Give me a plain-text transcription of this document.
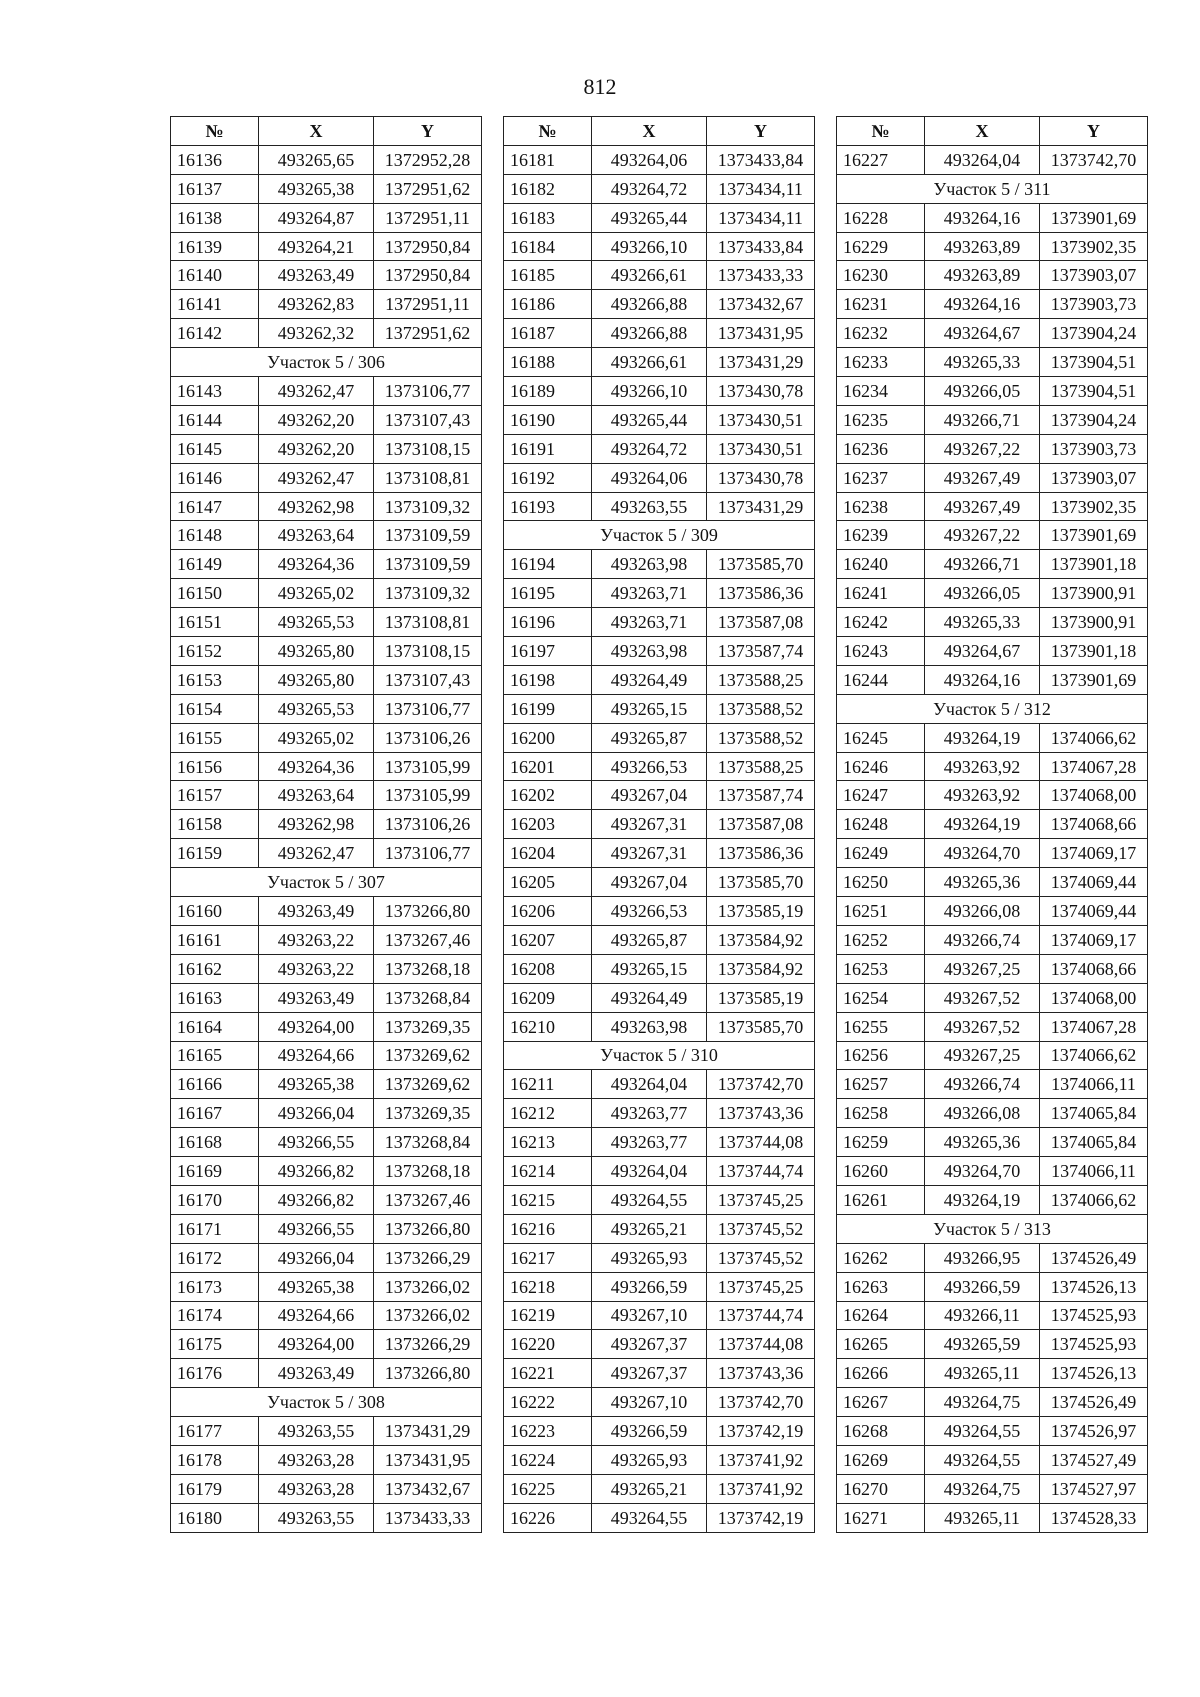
812
№	X	Y
16136	493265,65	1372952,28
16137	493265,38	1372951,62
16138	493264,87	1372951,11
16139	493264,21	1372950,84
16140	493263,49	1372950,84
16141	493262,83	1372951,11
16142	493262,32	1372951,62
Участок 5 / 306		
16143	493262,47	1373106,77
16144	493262,20	1373107,43
16145	493262,20	1373108,15
16146	493262,47	1373108,81
16147	493262,98	1373109,32
16148	493263,64	1373109,59
16149	493264,36	1373109,59
16150	493265,02	1373109,32
16151	493265,53	1373108,81
16152	493265,80	1373108,15
16153	493265,80	1373107,43
16154	493265,53	1373106,77
16155	493265,02	1373106,26
16156	493264,36	1373105,99
16157	493263,64	1373105,99
16158	493262,98	1373106,26
16159	493262,47	1373106,77
Участок 5 / 307		
16160	493263,49	1373266,80
16161	493263,22	1373267,46
16162	493263,22	1373268,18
16163	493263,49	1373268,84
16164	493264,00	1373269,35
16165	493264,66	1373269,62
16166	493265,38	1373269,62
16167	493266,04	1373269,35
16168	493266,55	1373268,84
16169	493266,82	1373268,18
16170	493266,82	1373267,46
16171	493266,55	1373266,80
16172	493266,04	1373266,29
16173	493265,38	1373266,02
16174	493264,66	1373266,02
16175	493264,00	1373266,29
16176	493263,49	1373266,80
Участок 5 / 308		
16177	493263,55	1373431,29
16178	493263,28	1373431,95
16179	493263,28	1373432,67
16180	493263,55	1373433,33
№	X	Y
16181	493264,06	1373433,84
16182	493264,72	1373434,11
16183	493265,44	1373434,11
16184	493266,10	1373433,84
16185	493266,61	1373433,33
16186	493266,88	1373432,67
16187	493266,88	1373431,95
16188	493266,61	1373431,29
16189	493266,10	1373430,78
16190	493265,44	1373430,51
16191	493264,72	1373430,51
16192	493264,06	1373430,78
16193	493263,55	1373431,29
Участок 5 / 309		
16194	493263,98	1373585,70
16195	493263,71	1373586,36
16196	493263,71	1373587,08
16197	493263,98	1373587,74
16198	493264,49	1373588,25
16199	493265,15	1373588,52
16200	493265,87	1373588,52
16201	493266,53	1373588,25
16202	493267,04	1373587,74
16203	493267,31	1373587,08
16204	493267,31	1373586,36
16205	493267,04	1373585,70
16206	493266,53	1373585,19
16207	493265,87	1373584,92
16208	493265,15	1373584,92
16209	493264,49	1373585,19
16210	493263,98	1373585,70
Участок 5 / 310		
16211	493264,04	1373742,70
16212	493263,77	1373743,36
16213	493263,77	1373744,08
16214	493264,04	1373744,74
16215	493264,55	1373745,25
16216	493265,21	1373745,52
16217	493265,93	1373745,52
16218	493266,59	1373745,25
16219	493267,10	1373744,74
16220	493267,37	1373744,08
16221	493267,37	1373743,36
16222	493267,10	1373742,70
16223	493266,59	1373742,19
16224	493265,93	1373741,92
16225	493265,21	1373741,92
16226	493264,55	1373742,19
№	X	Y
16227	493264,04	1373742,70
Участок 5 / 311		
16228	493264,16	1373901,69
16229	493263,89	1373902,35
16230	493263,89	1373903,07
16231	493264,16	1373903,73
16232	493264,67	1373904,24
16233	493265,33	1373904,51
16234	493266,05	1373904,51
16235	493266,71	1373904,24
16236	493267,22	1373903,73
16237	493267,49	1373903,07
16238	493267,49	1373902,35
16239	493267,22	1373901,69
16240	493266,71	1373901,18
16241	493266,05	1373900,91
16242	493265,33	1373900,91
16243	493264,67	1373901,18
16244	493264,16	1373901,69
Участок 5 / 312		
16245	493264,19	1374066,62
16246	493263,92	1374067,28
16247	493263,92	1374068,00
16248	493264,19	1374068,66
16249	493264,70	1374069,17
16250	493265,36	1374069,44
16251	493266,08	1374069,44
16252	493266,74	1374069,17
16253	493267,25	1374068,66
16254	493267,52	1374068,00
16255	493267,52	1374067,28
16256	493267,25	1374066,62
16257	493266,74	1374066,11
16258	493266,08	1374065,84
16259	493265,36	1374065,84
16260	493264,70	1374066,11
16261	493264,19	1374066,62
Участок 5 / 313		
16262	493266,95	1374526,49
16263	493266,59	1374526,13
16264	493266,11	1374525,93
16265	493265,59	1374525,93
16266	493265,11	1374526,13
16267	493264,75	1374526,49
16268	493264,55	1374526,97
16269	493264,55	1374527,49
16270	493264,75	1374527,97
16271	493265,11	1374528,33
